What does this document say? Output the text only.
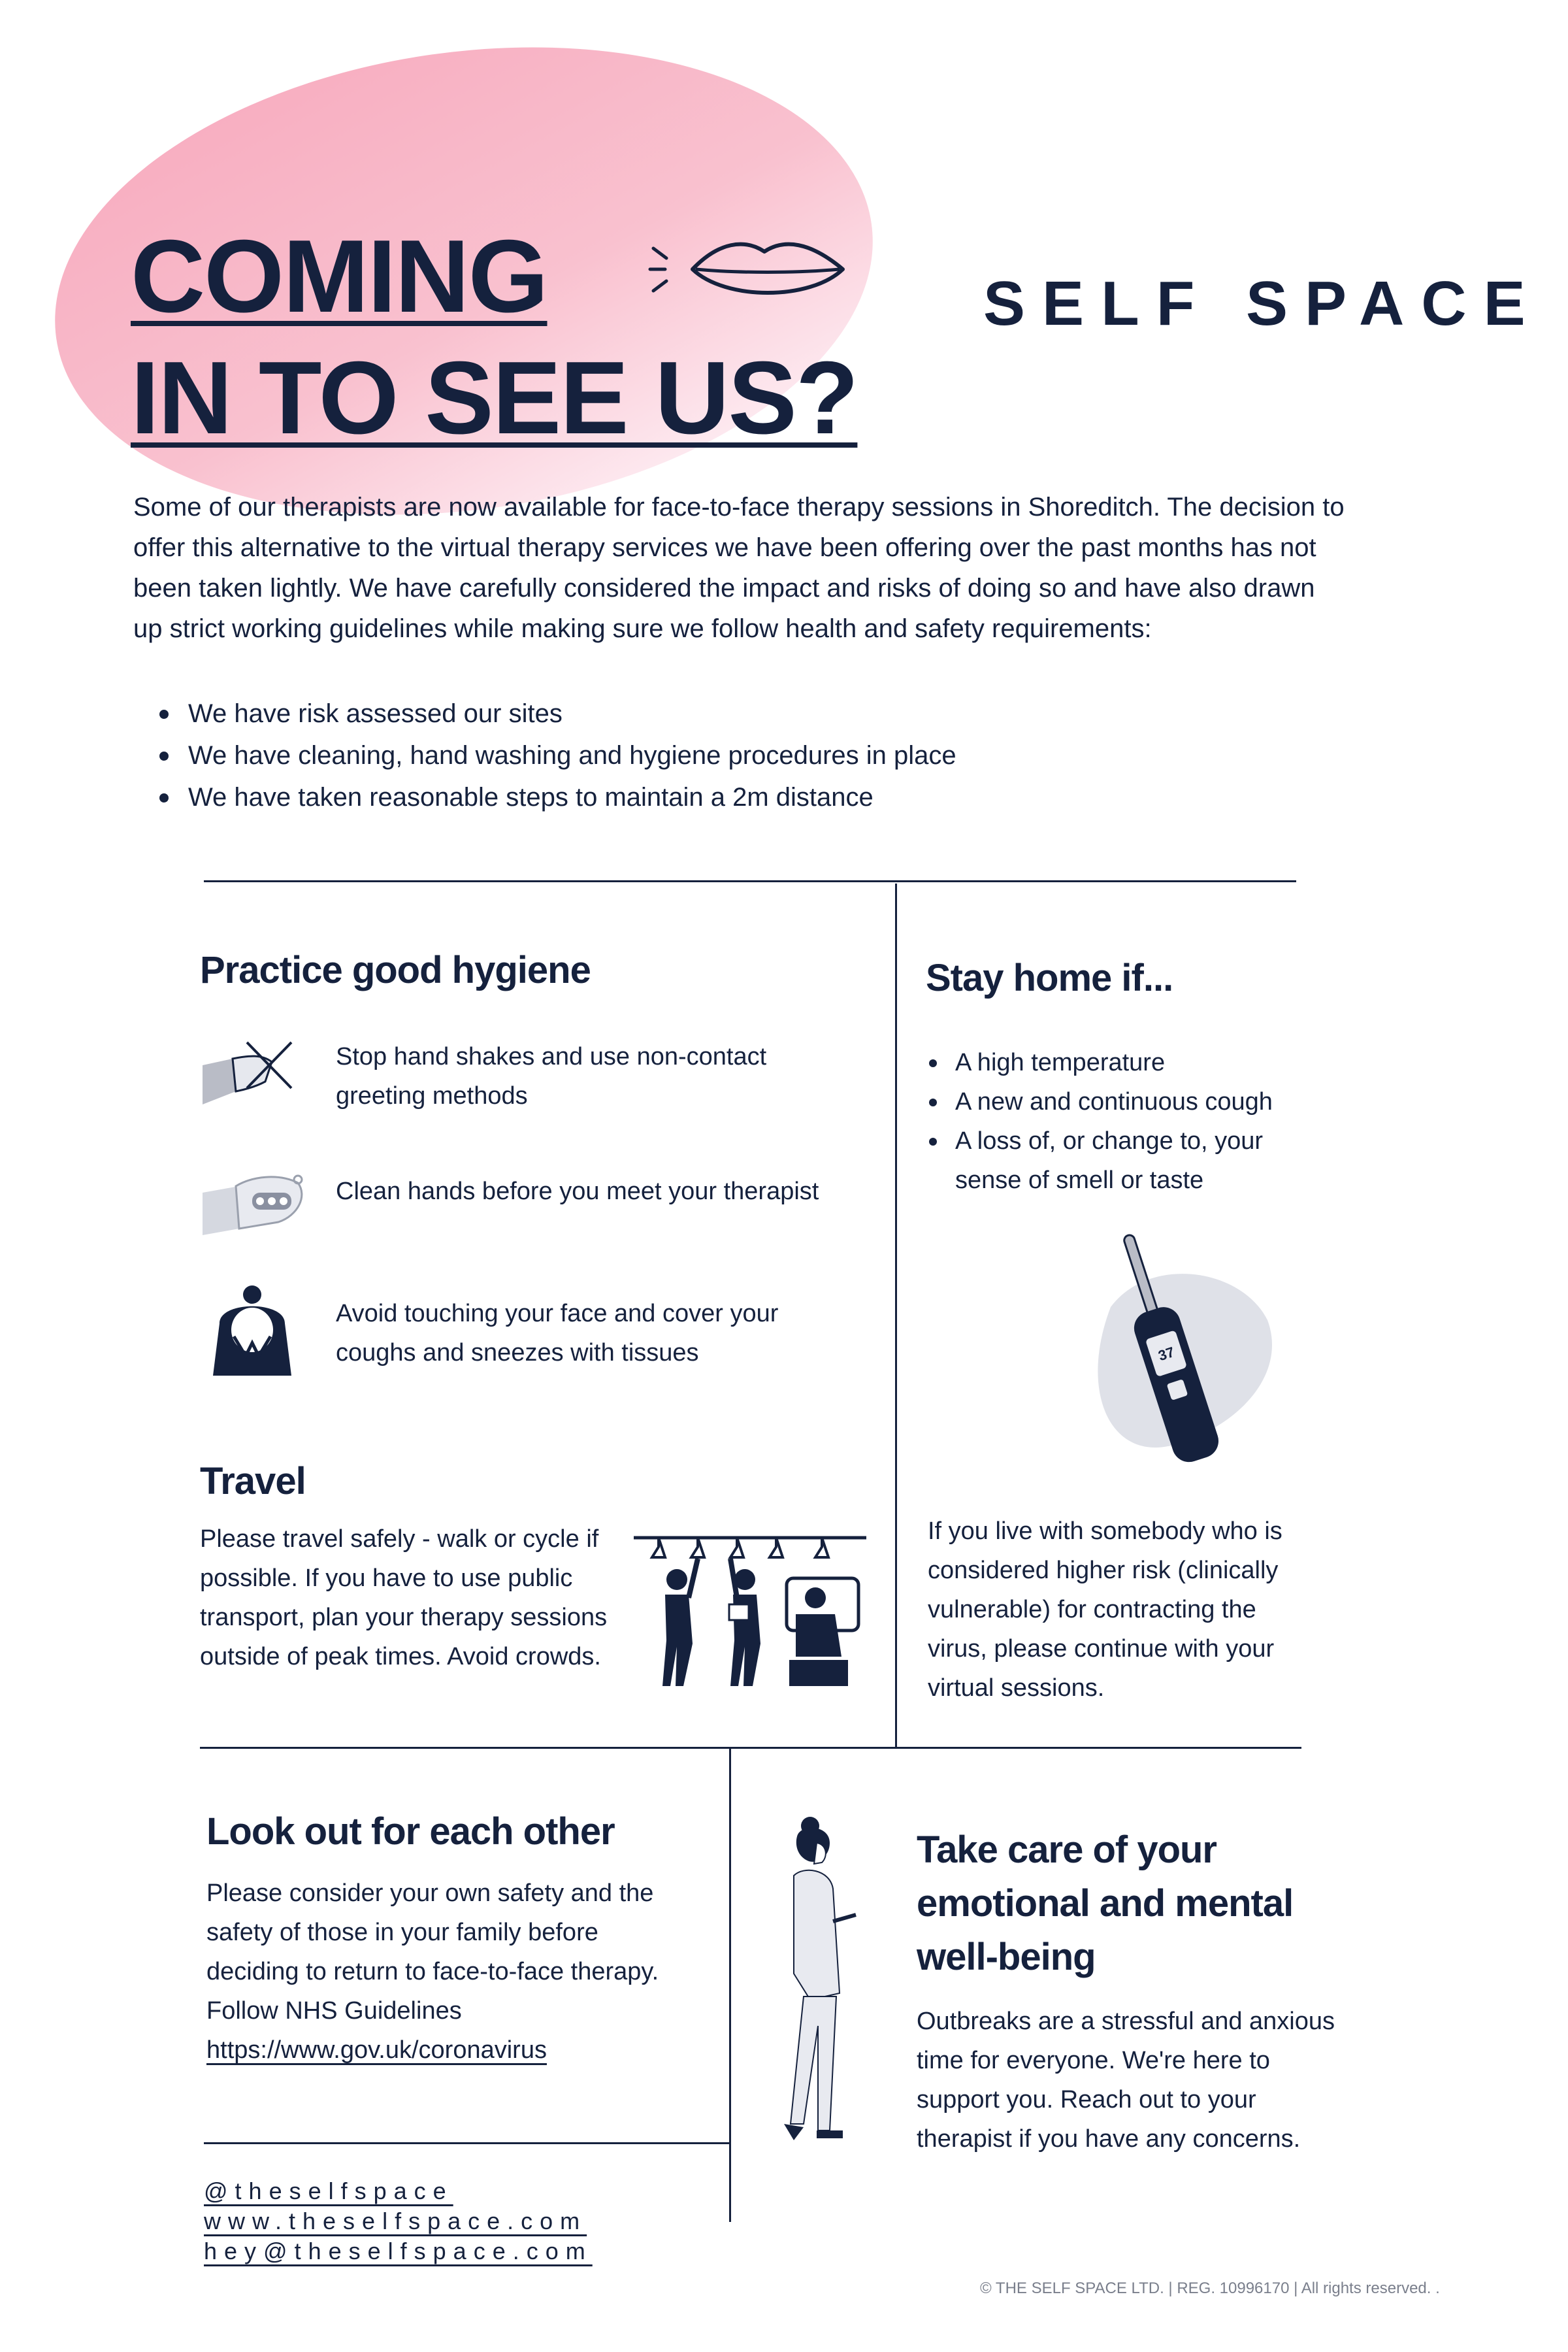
COMING
IN TO SEE US?
SELF SPACE
Some of our therapists are now available for face-to-face therapy sessions in Shoreditch. The decision to offer this alternative to the virtual therapy services we have been offering over the past months has not been taken lightly. We have carefully considered the impact and risks of doing so and have also drawn up strict working guidelines while making sure we follow health and safety requirements:
We have risk assessed our sites
We have cleaning, hand washing and hygiene procedures in place
We have taken reasonable steps to maintain a 2m distance
Practice good hygiene
Stop hand shakes and use non-contact greeting methods
Clean hands before you meet your therapist
Avoid touching your face and cover your coughs and sneezes with tissues
Travel
Please travel safely - walk or cycle if possible. If you have to use public transport, plan your therapy sessions outside of peak times. Avoid crowds.
Stay home if...
A high temperature
A new and continuous cough
A loss of, or change to, your sense of smell or taste
37
If you live with somebody who is considered higher risk (clinically vulnerable) for contracting the virus, please continue with your virtual sessions.
Look out for each other
Please consider your own safety and the safety of those in your family before deciding to return to face-to-face therapy. Follow NHS Guidelines
https://www.gov.uk/coronavirus
Take care of your emotional and mental well-being
Outbreaks are a stressful and anxious time for everyone. We're here to support you. Reach out to your therapist if you have any concerns.
@theselfspace
www.theselfspace.com
hey@theselfspace.com
© THE SELF SPACE LTD. | REG. 10996170 | All rights reserved. .
